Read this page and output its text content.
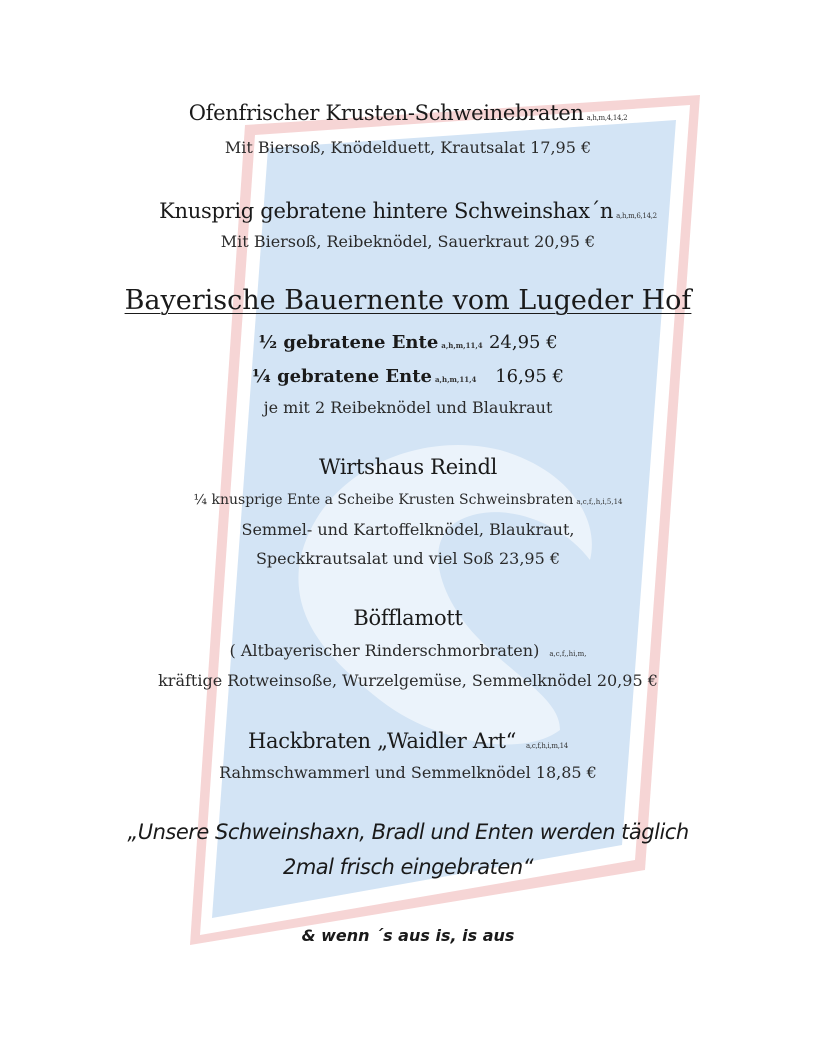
Ofenfrischer Krusten-Schweinebraten a,h,m,4,14,2
Mit Biersoß, Knödelduett, Krautsalat 17,95 €
Knusprig gebratene hintere Schweinshax´n a,h,m,6,14,2
Mit Biersoß, Reibeknödel, Sauerkraut 20,95 €
Bayerische Bauernente vom Lugeder Hof
½ gebratene Ente a,h,m,11,4 24,95 €
¼ gebratene Ente a,h,m,11,4 16,95 €
je mit 2 Reibeknödel und Blaukraut
Wirtshaus Reindl
¼ knusprige Ente a Scheibe Krusten Schweinsbraten a,c,f,,h,i,5,14
Semmel- und Kartoffelknödel, Blaukraut,
Speckkrautsalat und viel Soß 23,95 €
Böfflamott
( Altbayerischer Rinderschmorbraten) a,c,f,,hi,m,
kräftige Rotweinsoße, Wurzelgemüse, Semmelknödel 20,95 €
Hackbraten „Waidler Art“ a,c,f,h,i,m,14
Rahmschwammerl und Semmelknödel 18,85 €
„Unsere Schweinshaxn, Bradl und Enten werden täglich
2mal frisch eingebraten“
& wenn ´s aus is, is aus
